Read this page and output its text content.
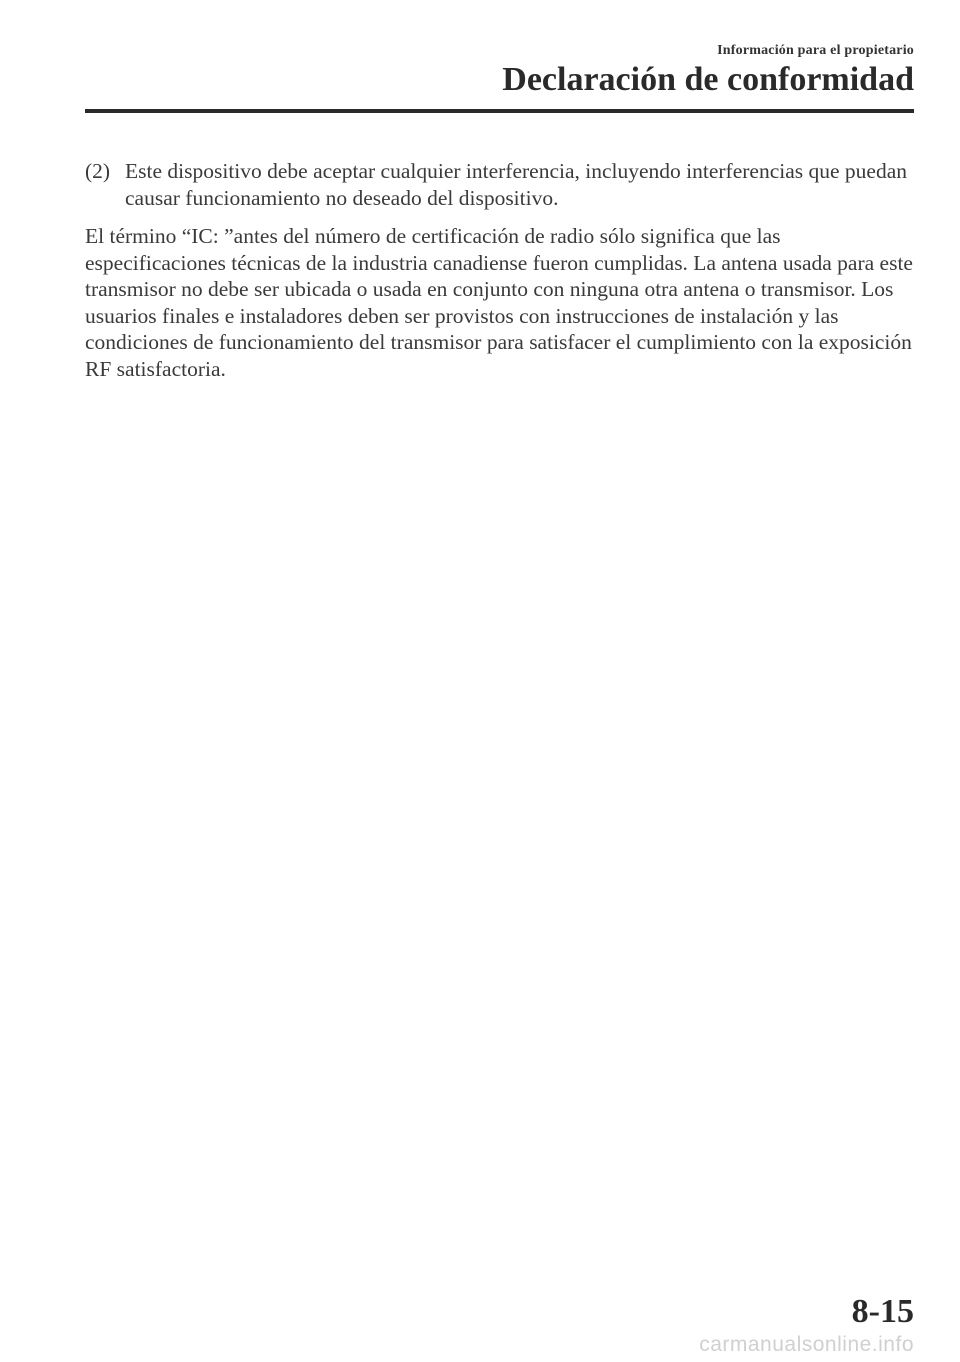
Información para el propietario
Declaración de conformidad
(2) Este dispositivo debe aceptar cualquier interferencia, incluyendo interferencias que puedan causar funcionamiento no deseado del dispositivo.

El término “IC: ”antes del número de certificación de radio sólo significa que las especificaciones técnicas de la industria canadiense fueron cumplidas. La antena usada para este transmisor no debe ser ubicada o usada en conjunto con ninguna otra antena o transmisor. Los usuarios finales e instaladores deben ser provistos con instrucciones de instalación y las condiciones de funcionamiento del transmisor para satisfacer el cumplimiento con la exposición RF satisfactoria.

8-15
carmanualsonline.info
